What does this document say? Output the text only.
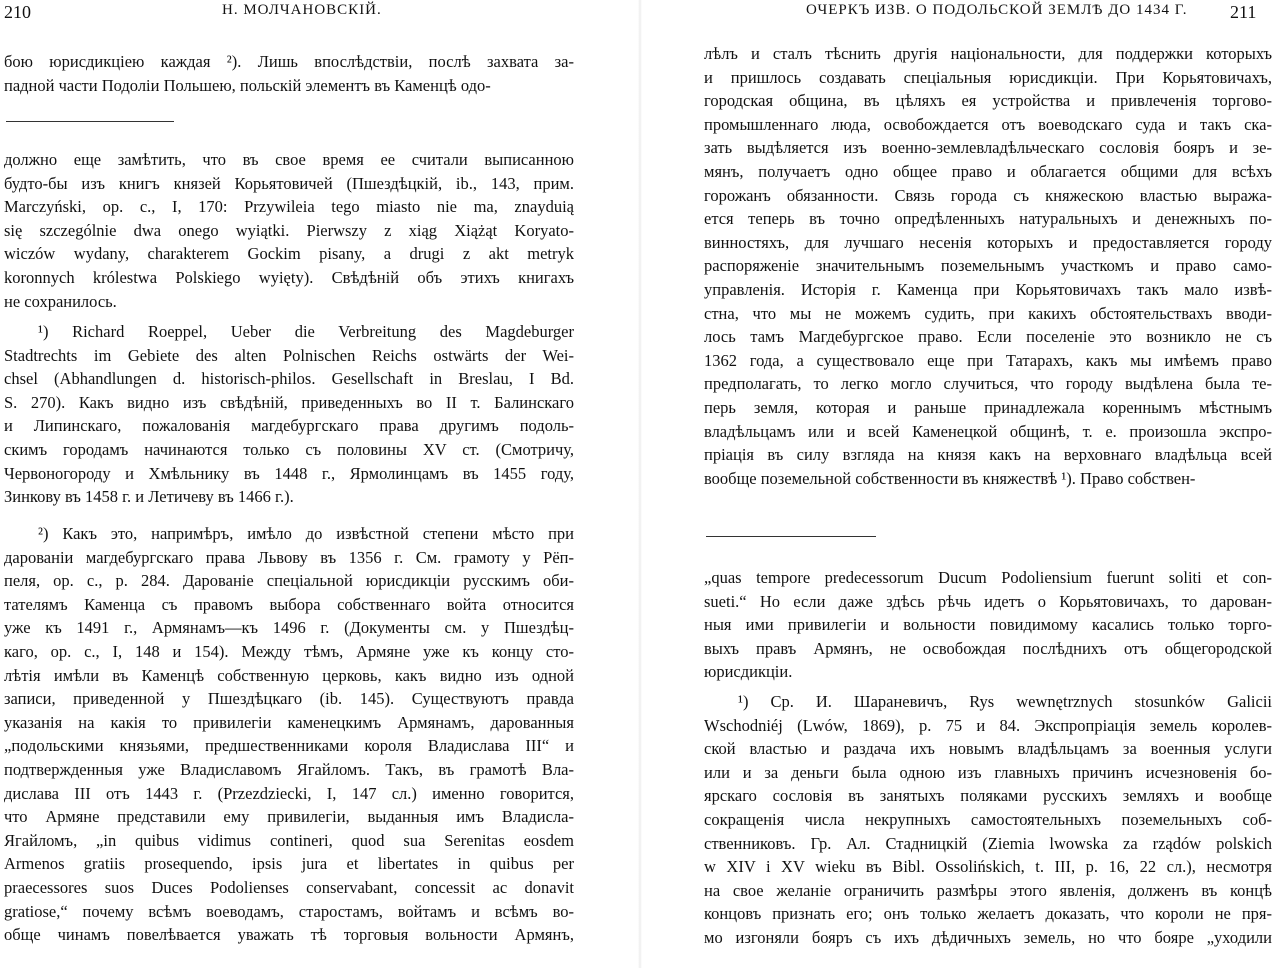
210	Н. МОЛЧАНОВСКІЙ.
бою юрисдикціею каждая ²). Лишь впослѣдствіи, послѣ захвата за-
падной части Подоліи Польшею, польскій элементъ въ Каменцѣ одо-
должно еще замѣтить, что въ свое время ее считали выписанною
будто-бы изъ книгъ князей Корьятовичей (Пшездѣцкій, ib., 143, прим.
Marczyński, op. c., I, 170: Przywileia tego miasto nie ma, znayduią
się szczególnie dwa onego wyiątki. Pierwszy z xiąg Xiążąt Koryato-
wiczów wydany, charakterem Gockim pisany, a drugi z akt metryk
koronnych królestwa Polskiego wyięty). Свѣдѣній объ этихъ книгахъ
не сохранилось.
¹) Richard Roeppel, Ueber die Verbreitung des Magdeburger
Stadtrechts im Gebiete des alten Polnischen Reichs ostwärts der Wei-
chsel (Abhandlungen d. historisch-philos. Gesellschaft in Breslau, I Bd.
S. 270). Какъ видно изъ свѣдѣній, приведенныхъ во II т. Балинскаго
и Липинскаго, пожалованія магдебургскаго права другимъ подоль-
скимъ городамъ начинаются только съ половины XV ст. (Смотричу,
Червоногороду и Хмѣльнику въ 1448 г., Ярмолинцамъ въ 1455 году,
Зинкову въ 1458 г. и Летичеву въ 1466 г.).
²) Какъ это, напримѣръ, имѣло до извѣстной степени мѣсто при
дарованіи магдебургскаго права Львову въ 1356 г. См. грамоту у Рёп-
пеля, op. c., p. 284. Дарованіе спеціальной юрисдикціи русскимъ оби-
тателямъ Каменца съ правомъ выбора собственнаго войта относится
уже къ 1491 г., Армянамъ—къ 1496 г. (Документы см. у Пшездѣц-
каго, op. c., I, 148 и 154). Между тѣмъ, Армяне уже къ концу сто-
лѣтія имѣли въ Каменцѣ собственную церковь, какъ видно изъ одной
записи, приведенной у Пшездѣцкаго (ib. 145). Существуютъ правда
указанія на какія то привилегіи каменецкимъ Армянамъ, дарованныя
„подольскими князьями, предшественниками короля Владислава III“ и
подтвержденныя уже Владиславомъ Ягайломъ. Такъ, въ грамотѣ Вла-
дислава III отъ 1443 г. (Przezdziecki, I, 147 сл.) именно говорится,
что Армяне представили ему привилегіи, выданныя имъ Владисла-
Ягайломъ, „in quibus vidimus contineri, quod sua Serenitas eosdem
Armenos gratiis prosequendo, ipsis jura et libertates in quibus per
praecessores suos Duces Podolienses conservabant, concessit ac donavit
gratiose,“ почему всѣмъ воеводамъ, старостамъ, войтамъ и всѣмъ во-
обще чинамъ повелѣвается уважать тѣ торговыя вольности Армянъ,
ОЧЕРКЪ ИЗВ. О ПОДОЛЬСКОЙ ЗЕМЛѢ ДО 1434 Г. 211
лѣлъ и сталъ тѣснить другія національности, для поддержки которыхъ
и пришлось создавать спеціальныя юрисдикціи. При Корьятовичахъ,
городская община, въ цѣляхъ ея устройства и привлеченія торгово-
промышленнаго люда, освобождается отъ воеводскаго суда и такъ ска-
зать выдѣляется изъ военно-землевладѣльческаго сословія бояръ и зе-
мянъ, получаетъ одно общее право и облагается общими для всѣхъ
горожанъ обязанности. Связь города съ княжескою властью выража-
ется теперь въ точно опредѣленныхъ натуральныхъ и денежныхъ по-
винностяхъ, для лучшаго несенія которыхъ и предоставляется городу
распоряженіе значительнымъ поземельнымъ участкомъ и право само-
управленія. Исторія г. Каменца при Корьятовичахъ такъ мало извѣ-
стна, что мы не можемъ судить, при какихъ обстоятельствахъ вводи-
лось тамъ Магдебургское право. Если поселеніе это возникло не съ
1362 года, а существовало еще при Татарахъ, какъ мы имѣемъ право
предполагать, то легко могло случиться, что городу выдѣлена была те-
перь земля, которая и раньше принадлежала кореннымъ мѣстнымъ
владѣльцамъ или и всей Каменецкой общинѣ, т. е. произошла экспро-
пріація въ силу взгляда на князя какъ на верховнаго владѣльца всей
вообще поземельной собственности въ княжествѣ ¹). Право собствен-
„quas tempore predecessorum Ducum Podoliensium fuerunt soliti et con-
sueti.“ Но если даже здѣсь рѣчь идетъ о Корьятовичахъ, то дарован-
ныя ими привилегіи и вольности повидимому касались только торго-
выхъ правъ Армянъ, не освобождая послѣднихъ отъ общегородской
юрисдикціи.
¹) Ср. И. Шараневичъ, Rys wewnętrznych stosunków Galicii
Wschodniéj (Lwów, 1869), p. 75 и 84. Экспропріація земель королев-
ской властью и раздача ихъ новымъ владѣльцамъ за военныя услуги
или и за деньги была одною изъ главныхъ причинъ исчезновенія бо-
ярскаго сословія въ занятыхъ поляками русскихъ земляхъ и вообще
сокращенія числа некрупныхъ самостоятельныхъ поземельныхъ соб-
ственниковъ. Гр. Ал. Стадницкій (Ziemia lwowska za rządów polskich
w XIV i XV wieku въ Bibl. Ossolińskich, t. III, p. 16, 22 сл.), несмотря
на свое желаніе ограничить размѣры этого явленія, долженъ въ концѣ
концовъ признать его; онъ только желаетъ доказать, что короли не пря-
мо изгоняли бояръ съ ихъ дѣдичныхъ земель, но что бояре „уходили
